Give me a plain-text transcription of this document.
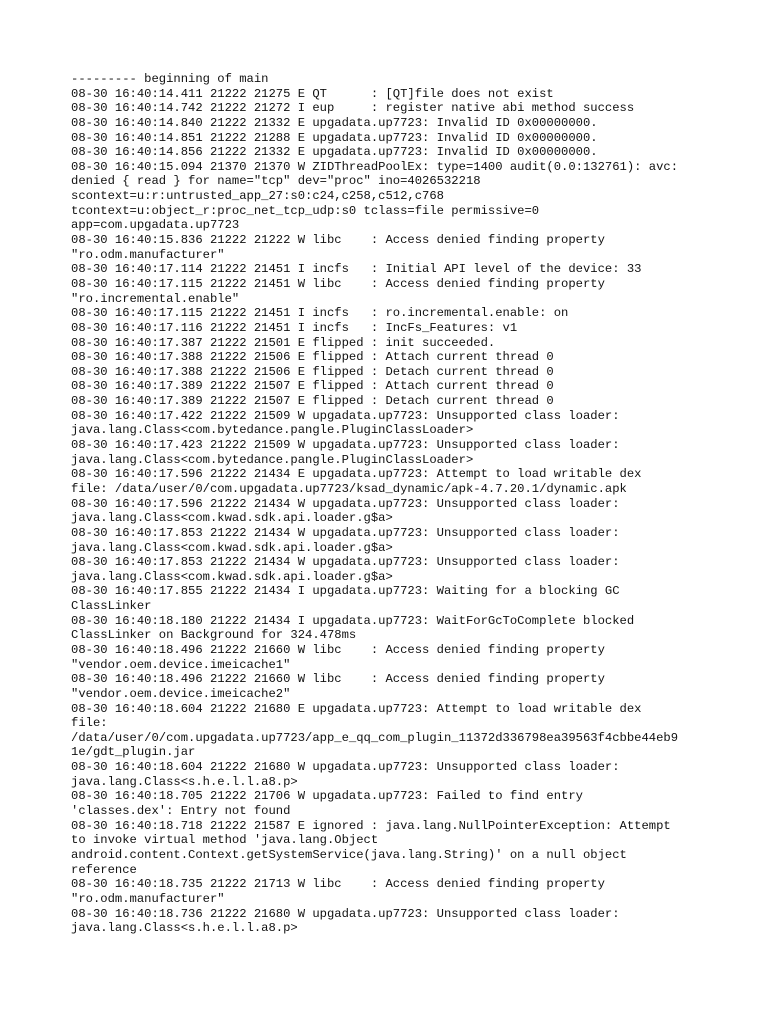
--------- beginning of main
08-30 16:40:14.411 21222 21275 E QT      : [QT]file does not exist
08-30 16:40:14.742 21222 21272 I eup     : register native abi method success
08-30 16:40:14.840 21222 21332 E upgadata.up7723: Invalid ID 0x00000000.
08-30 16:40:14.851 21222 21288 E upgadata.up7723: Invalid ID 0x00000000.
08-30 16:40:14.856 21222 21332 E upgadata.up7723: Invalid ID 0x00000000.
08-30 16:40:15.094 21370 21370 W ZIDThreadPoolEx: type=1400 audit(0.0:132761): avc:
denied { read } for name="tcp" dev="proc" ino=4026532218
scontext=u:r:untrusted_app_27:s0:c24,c258,c512,c768
tcontext=u:object_r:proc_net_tcp_udp:s0 tclass=file permissive=0
app=com.upgadata.up7723
08-30 16:40:15.836 21222 21222 W libc    : Access denied finding property
"ro.odm.manufacturer"
08-30 16:40:17.114 21222 21451 I incfs   : Initial API level of the device: 33
08-30 16:40:17.115 21222 21451 W libc    : Access denied finding property
"ro.incremental.enable"
08-30 16:40:17.115 21222 21451 I incfs   : ro.incremental.enable: on
08-30 16:40:17.116 21222 21451 I incfs   : IncFs_Features: v1
08-30 16:40:17.387 21222 21501 E flipped : init succeeded.
08-30 16:40:17.388 21222 21506 E flipped : Attach current thread 0
08-30 16:40:17.388 21222 21506 E flipped : Detach current thread 0
08-30 16:40:17.389 21222 21507 E flipped : Attach current thread 0
08-30 16:40:17.389 21222 21507 E flipped : Detach current thread 0
08-30 16:40:17.422 21222 21509 W upgadata.up7723: Unsupported class loader:
java.lang.Class<com.bytedance.pangle.PluginClassLoader>
08-30 16:40:17.423 21222 21509 W upgadata.up7723: Unsupported class loader:
java.lang.Class<com.bytedance.pangle.PluginClassLoader>
08-30 16:40:17.596 21222 21434 E upgadata.up7723: Attempt to load writable dex
file: /data/user/0/com.upgadata.up7723/ksad_dynamic/apk-4.7.20.1/dynamic.apk
08-30 16:40:17.596 21222 21434 W upgadata.up7723: Unsupported class loader:
java.lang.Class<com.kwad.sdk.api.loader.g$a>
08-30 16:40:17.853 21222 21434 W upgadata.up7723: Unsupported class loader:
java.lang.Class<com.kwad.sdk.api.loader.g$a>
08-30 16:40:17.853 21222 21434 W upgadata.up7723: Unsupported class loader:
java.lang.Class<com.kwad.sdk.api.loader.g$a>
08-30 16:40:17.855 21222 21434 I upgadata.up7723: Waiting for a blocking GC
ClassLinker
08-30 16:40:18.180 21222 21434 I upgadata.up7723: WaitForGcToComplete blocked
ClassLinker on Background for 324.478ms
08-30 16:40:18.496 21222 21660 W libc    : Access denied finding property
"vendor.oem.device.imeicache1"
08-30 16:40:18.496 21222 21660 W libc    : Access denied finding property
"vendor.oem.device.imeicache2"
08-30 16:40:18.604 21222 21680 E upgadata.up7723: Attempt to load writable dex
file:
/data/user/0/com.upgadata.up7723/app_e_qq_com_plugin_11372d336798ea39563f4cbbe44eb9
1e/gdt_plugin.jar
08-30 16:40:18.604 21222 21680 W upgadata.up7723: Unsupported class loader:
java.lang.Class<s.h.e.l.l.a8.p>
08-30 16:40:18.705 21222 21706 W upgadata.up7723: Failed to find entry
'classes.dex': Entry not found
08-30 16:40:18.718 21222 21587 E ignored : java.lang.NullPointerException: Attempt
to invoke virtual method 'java.lang.Object
android.content.Context.getSystemService(java.lang.String)' on a null object
reference
08-30 16:40:18.735 21222 21713 W libc    : Access denied finding property
"ro.odm.manufacturer"
08-30 16:40:18.736 21222 21680 W upgadata.up7723: Unsupported class loader:
java.lang.Class<s.h.e.l.l.a8.p>
